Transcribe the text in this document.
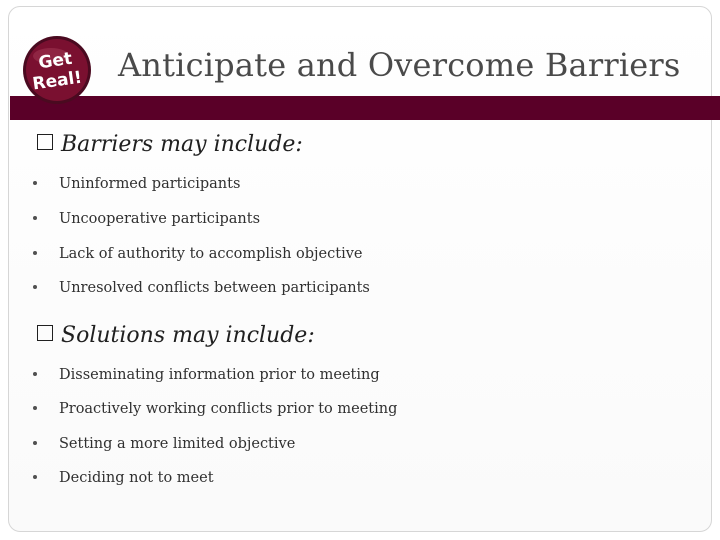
Get
Real! Anticipate and Overcome Barriers
Barriers may include:
Uninformed participants
Uncooperative participants
Lack of authority to accomplish objective
Unresolved conflicts between participants
Solutions may include:
Disseminating information prior to meeting
Proactively working conflicts prior to meeting
Setting a more limited objective
Deciding not to meet
